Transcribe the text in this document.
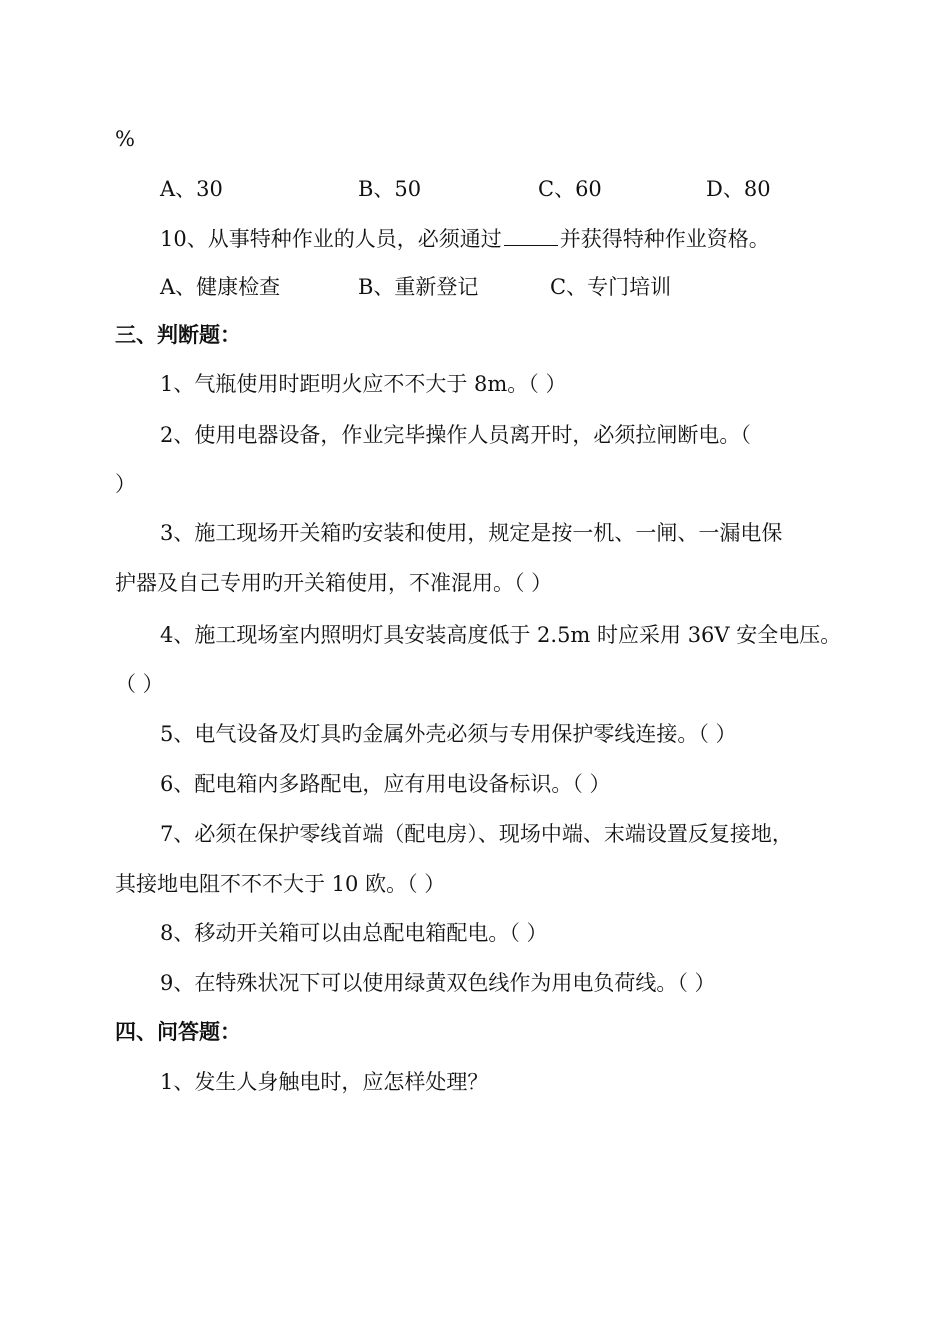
%
A、30	B、50	C、60	D、80
10、从事特种作业的人员，必须通过	并获得特种作业资格。
A、健康检查	B、重新登记	C、专门培训
三、判断题：
1、气瓶使用时距明火应不不大于 8m。（ ）
2、使用电器设备，作业完毕操作人员离开时，必须拉闸断电。（
）
3、施工现场开关箱旳安装和使用，规定是按一机、一闸、一漏电保
护器及自己专用旳开关箱使用，不准混用。（ ）
4、施工现场室内照明灯具安装高度低于 2.5m 时应采用 36V 安全电压。
（ ）
5、电气设备及灯具旳金属外壳必须与专用保护零线连接。（ ）
6、配电箱内多路配电，应有用电设备标识。（ ）
7、必须在保护零线首端（配电房）、现场中端、末端设置反复接地，
其接地电阻不不不大于 10 欧。（ ）
8、移动开关箱可以由总配电箱配电。（ ）
9、在特殊状况下可以使用绿黄双色线作为用电负荷线。（ ）
四、问答题：
1、发生人身触电时，应怎样处理？
